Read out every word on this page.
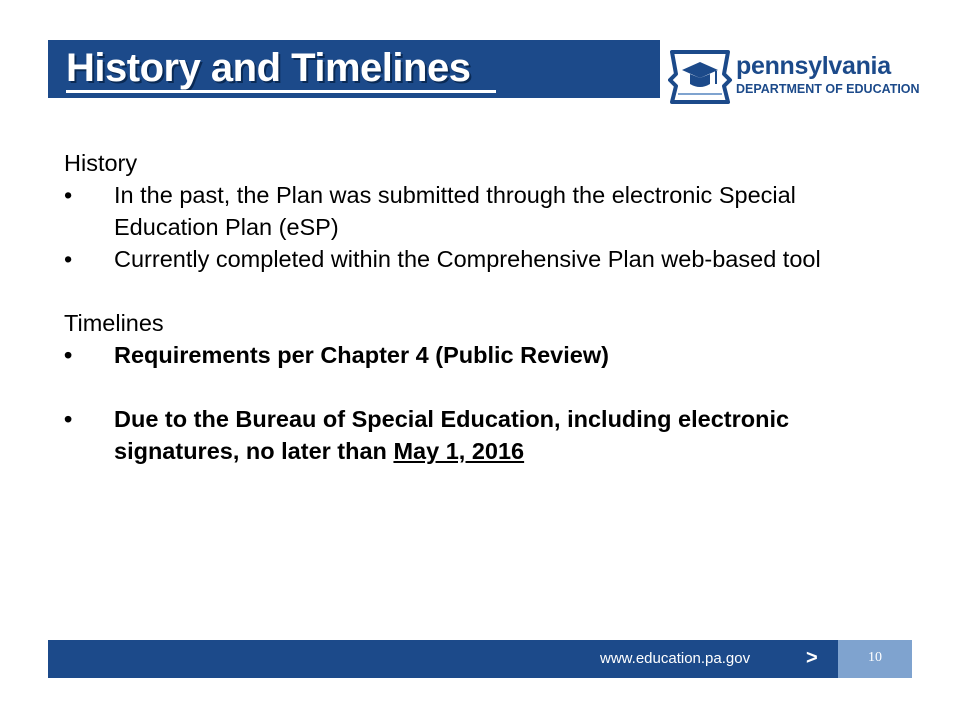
History and Timelines	pennsylvania
DEPARTMENT OF EDUCATION

History

• In the past, the Plan was submitted through the electronic Special Education Plan (eSP)
• Currently completed within the Comprehensive Plan web-based tool

Timelines

• Requirements per Chapter 4 (Public Review)
• Due to the Bureau of Special Education, including electronic signatures, no later than May 1, 2016
www.education.pa.gov	>	10
